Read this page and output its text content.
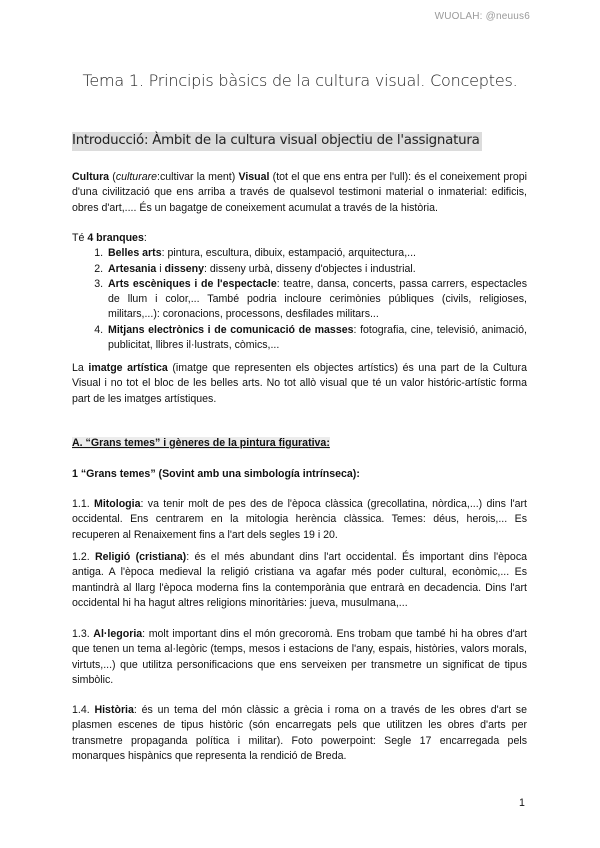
WUOLAH: @neuus6
Tema 1. Principis bàsics de la cultura visual. Conceptes.
Introducció: Àmbit de la cultura visual objectiu de l'assignatura

Cultura (culturare:cultivar la ment) Visual (tot el que ens entra per l'ull): és el coneixement propi d'una civilització que ens arriba a través de qualsevol testimoni material o inmaterial: edificis, obres d'art,.... És un bagatge de coneixement acumulat a través de la història.

Té 4 branques:

1. Belles arts: pintura, escultura, dibuix, estampació, arquitectura,...
2. Artesania i disseny: disseny urbà, disseny d'objectes i industrial.
3. Arts escèniques i de l'espectacle: teatre, dansa, concerts, passa carrers, espectacles de llum i color,... També podria incloure cerimònies públiques (civils, religioses, militars,...): coronacions, processons, desfilades militars...
4. Mitjans electrònics i de comunicació de masses: fotografia, cine, televisió, animació, publicitat, llibres il·lustrats, còmics,...

La imatge artística (imatge que representen els objectes artístics) és una part de la Cultura Visual i no tot el bloc de les belles arts. No tot allò visual que té un valor históric-artístic forma part de les imatges artístiques.

A. “Grans temes” i gèneres de la pintura figurativa:

1 “Grans temes” (Sovint amb una simbología intrínseca):

1.1. Mitologia: va tenir molt de pes des de l'època clàssica (grecollatina, nòrdica,...) dins l'art occidental. Ens centrarem en la mitologia herència clàssica. Temes: déus, herois,... Es recuperen al Renaixement fins a l'art dels segles 19 i 20.

1.2. Religió (cristiana): és el més abundant dins l'art occidental. És important dins l'època antiga. A l'època medieval la religió cristiana va agafar més poder cultural, econòmic,... Es mantindrà al llarg l'època moderna fins la contemporània que entrarà en decadencia. Dins l'art occidental hi ha hagut altres religions minoritàries: jueva, musulmana,...

1.3. Al·legoria: molt important dins el món grecoromà. Ens trobam que també hi ha obres d'art que tenen un tema al·legòric (temps, mesos i estacions de l'any, espais, històries, valors morals, virtuts,...) que utilitza personificacions que ens serveixen per transmetre un significat de tipus simbòlic.

1.4. Història: és un tema del món clàssic a grècia i roma on a través de les obres d'art se plasmen escenes de tipus històric (són encarregats pels que utilitzen les obres d'arts per transmetre propaganda política i militar). Foto powerpoint: Segle 17 encarregada pels monarques hispànics que representa la rendició de Breda.

1
